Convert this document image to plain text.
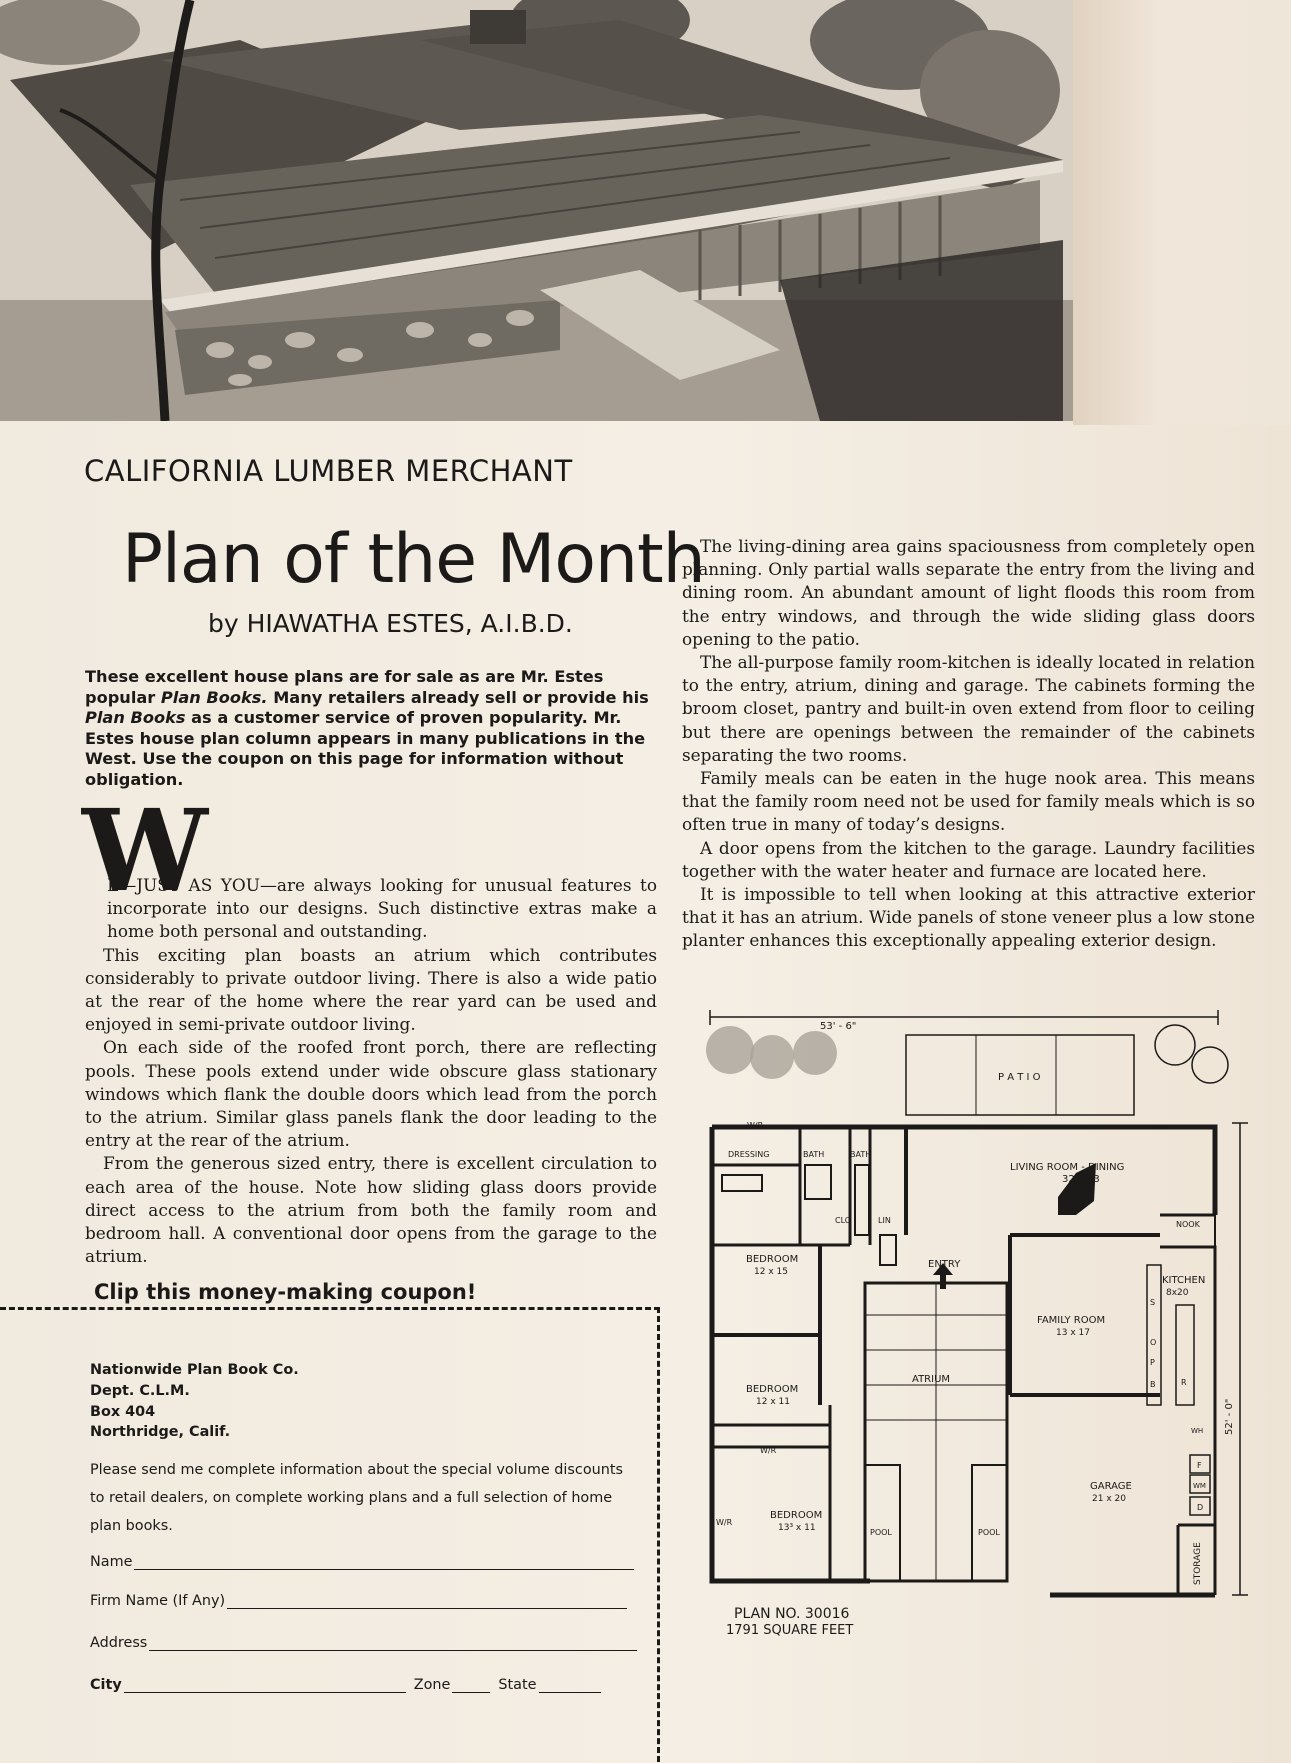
CALIFORNIA LUMBER MERCHANT
Plan of the Month
by HIAWATHA ESTES, A.I.B.D.

These excellent house plans are for sale as are Mr. Estes popular Plan Books. Many retailers already sell or provide his Plan Books as a customer service of proven popularity. Mr. Estes house plan column appears in many publications in the West. Use the coupon on this page for information without obligation.

W

E—JUST AS YOU—are always looking for unusual features to incorporate into our designs. Such distinctive extras make a home both personal and outstanding.

This exciting plan boasts an atrium which contributes considerably to private outdoor living. There is also a wide patio at the rear of the home where the rear yard can be used and enjoyed in semi-private outdoor living.

On each side of the roofed front porch, there are reflecting pools. These pools extend under wide obscure glass stationary windows which flank the double doors which lead from the porch to the atrium. Similar glass panels flank the door leading to the entry at the rear of the atrium.

From the generous sized entry, there is excellent circulation to each area of the house. Note how sliding glass doors provide direct access to the atrium from both the family room and bedroom hall. A conventional door opens from the garage to the atrium.

The living-dining area gains spaciousness from completely open planning. Only partial walls separate the entry from the living and dining room. An abundant amount of light floods this room from the entry windows, and through the wide sliding glass doors opening to the patio.

The all-purpose family room-kitchen is ideally located in relation to the entry, atrium, dining and garage. The cabinets forming the broom closet, pantry and built-in oven extend from floor to ceiling but there are openings between the remainder of the cabinets separating the two rooms.

Family meals can be eaten in the huge nook area. This means that the family room need not be used for family meals which is so often true in many of today’s designs.

A door opens from the kitchen to the garage. Laundry facilities together with the water heater and furnace are located here.

It is impossible to tell when looking at this attractive exterior that it has an atrium. Wide panels of stone veneer plus a low stone planter enhances this exceptionally appealing exterior design.

Clip this money-making coupon!
Nationwide Plan Book Co.
Dept. C.L.M.
Box 404
Northridge, Calif.

Please send me complete information about the special volume discounts to retail dealers, on complete working plans and a full selection of home plan books.

Name
Firm Name (If Any)
Address
City	Zone	State
53' - 6"
P A T I O
LIVING ROOM - DINING
32 x 13
NOOK
KITCHEN
8x20
FAMILY ROOM
13 x 17
ENTRY
ATRIUM
GARAGE
21 x 20
STORAGE
52' - 0"
BEDROOM
12 x 15
BEDROOM
12 x 11
BEDROOM
13³ x 11
DRESSING	BATH	BATH
W/R
W/R
W/R
CLO	LIN
POOL	POOL
S
O
P
B	R
WH
F
WM
D
PLAN NO. 30016
1791 SQUARE FEET
